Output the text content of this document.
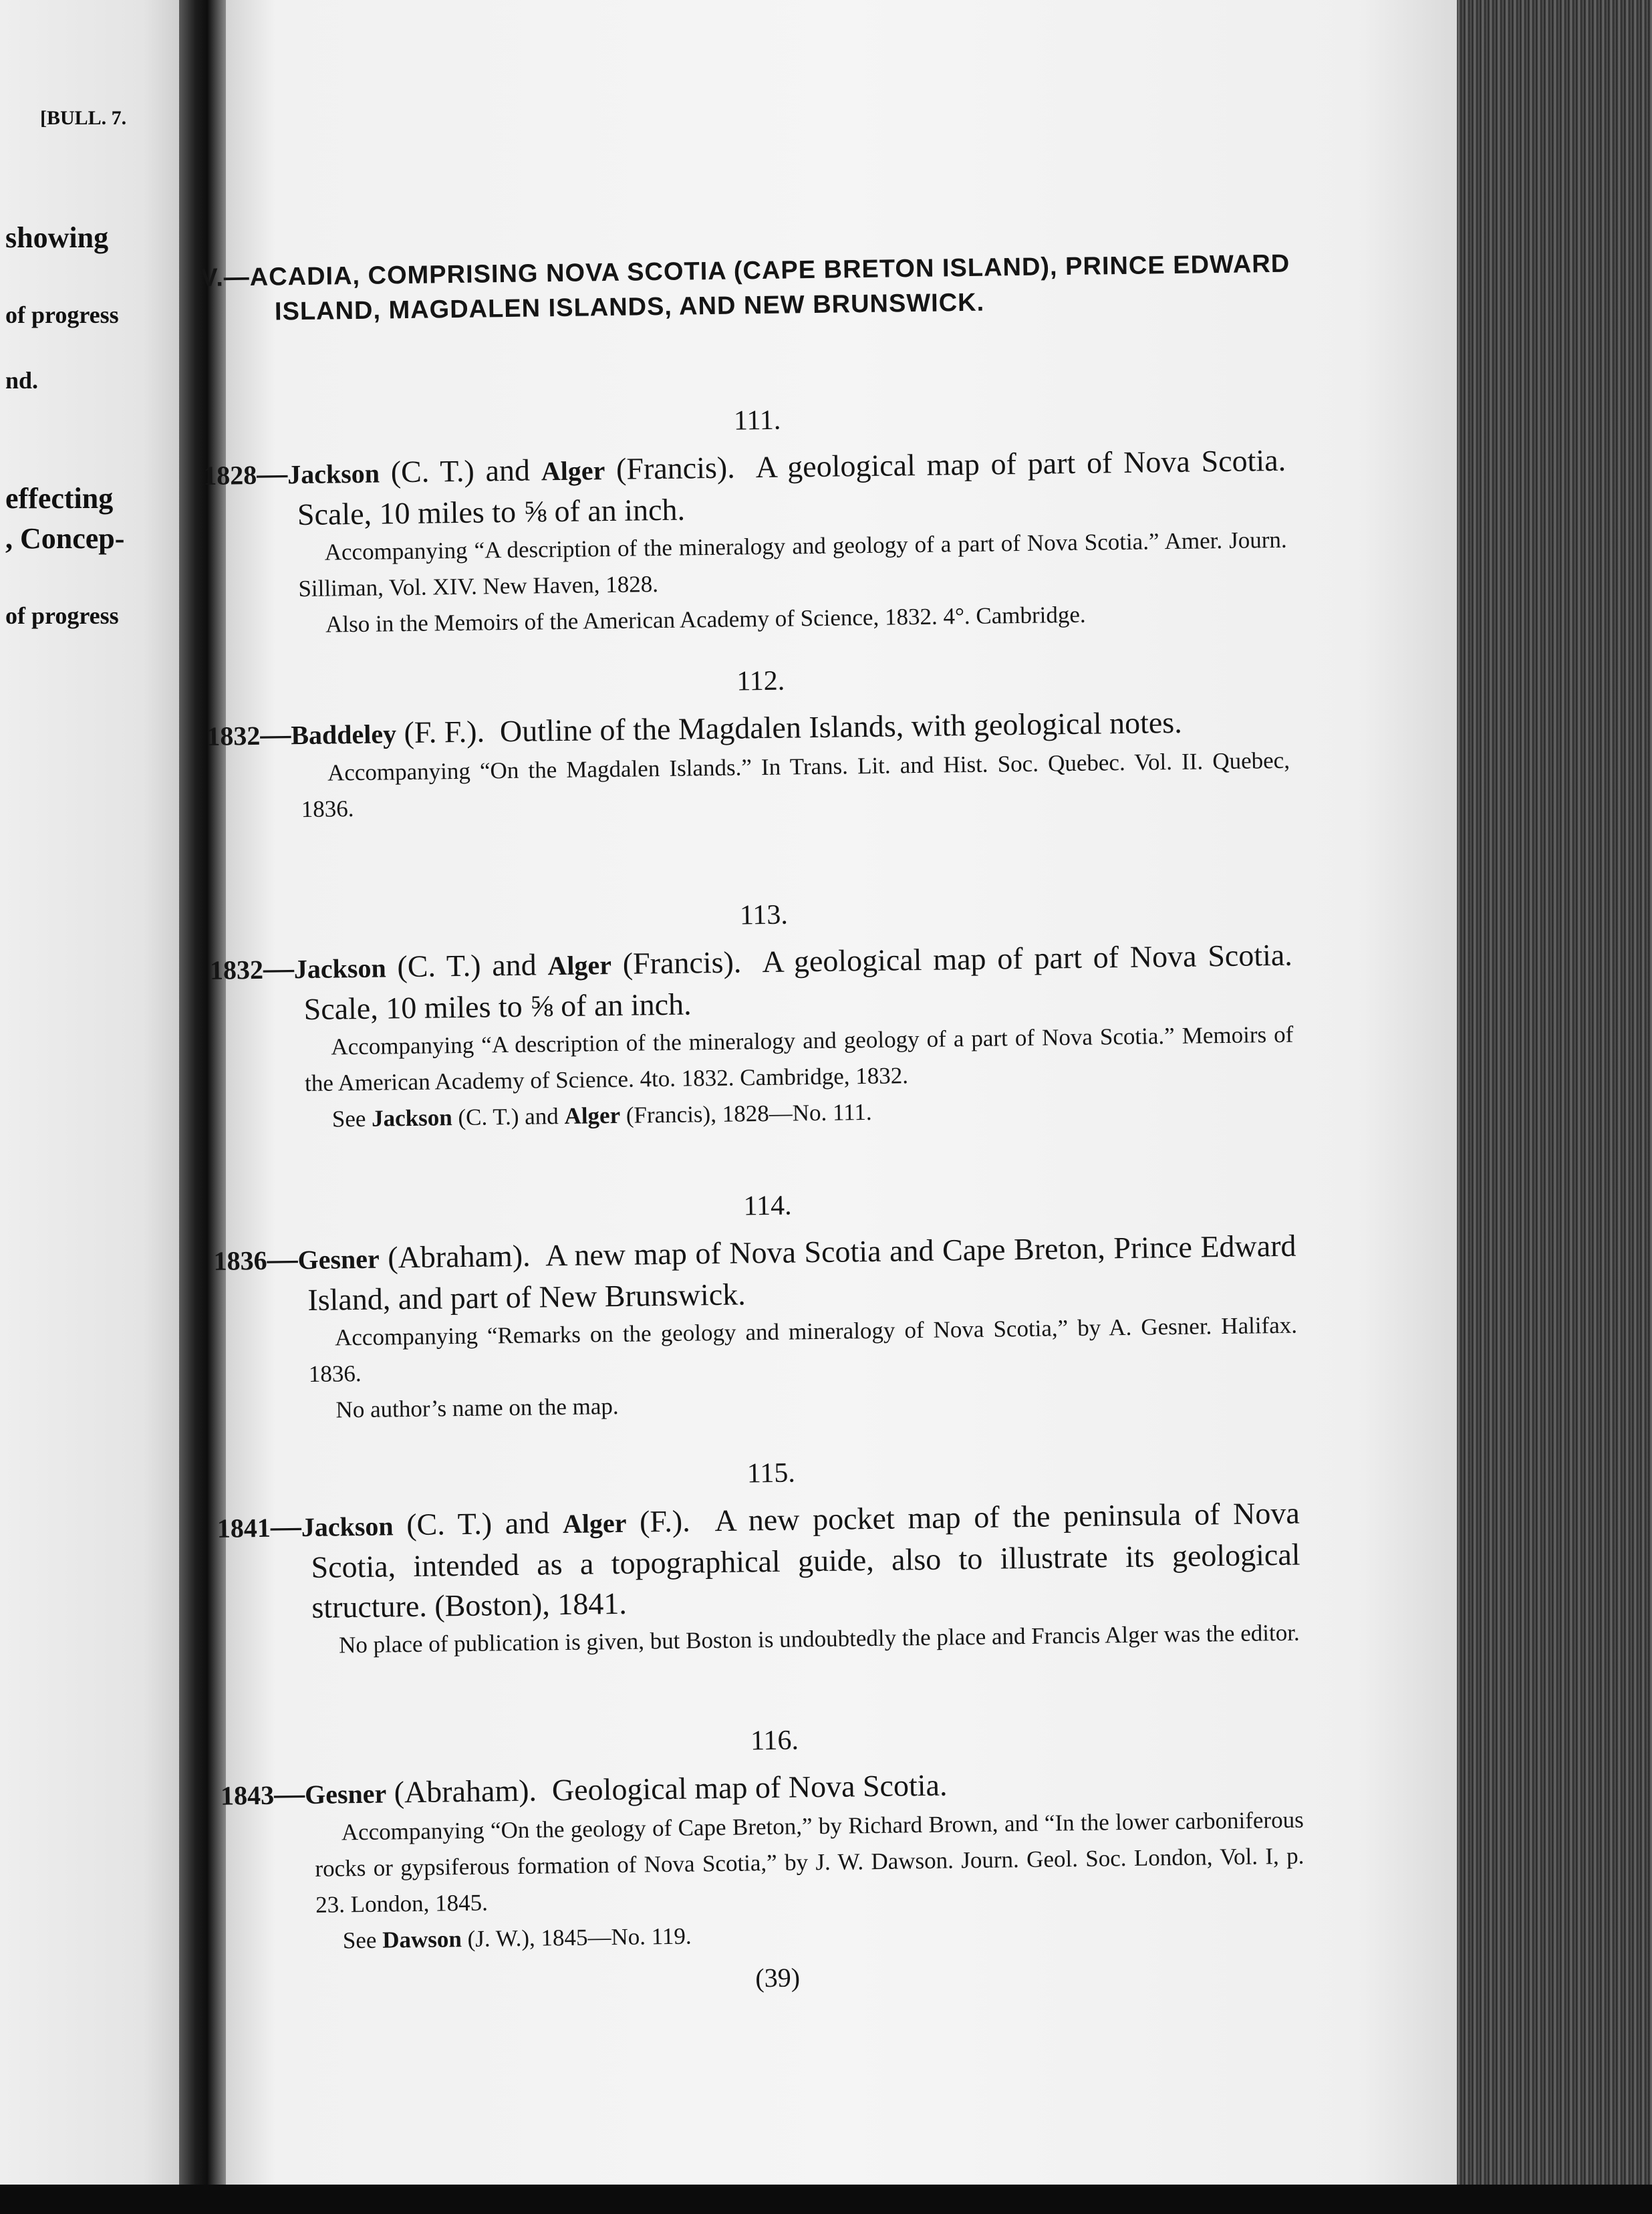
[BULL. 7.
showing
of progress
nd.
effecting
, Concep-
of progress
V.—ACADIA, COMPRISING NOVA SCOTIA (CAPE BRETON ISLAND), PRINCE EDWARD ISLAND, MAGDALEN ISLANDS, AND NEW BRUNSWICK.
111.
1828—Jackson (C. T.) and Alger (Francis). A geological map of part of Nova Scotia. Scale, 10 miles to ⅝ of an inch.
Accompanying “A description of the mineralogy and geology of a part of Nova Scotia.” Amer. Journ. Silliman, Vol. XIV. New Haven, 1828.
Also in the Memoirs of the American Academy of Science, 1832. 4°. Cambridge.
112.
1832—Baddeley (F. F.). Outline of the Magdalen Islands, with geological notes.
Accompanying “On the Magdalen Islands.” In Trans. Lit. and Hist. Soc. Quebec. Vol. II. Quebec, 1836.
113.
1832—Jackson (C. T.) and Alger (Francis). A geological map of part of Nova Scotia. Scale, 10 miles to ⅝ of an inch.
Accompanying “A description of the mineralogy and geology of a part of Nova Scotia.” Memoirs of the American Academy of Science. 4to. 1832. Cambridge, 1832.
See Jackson (C. T.) and Alger (Francis), 1828—No. 111.
114.
1836—Gesner (Abraham). A new map of Nova Scotia and Cape Breton, Prince Edward Island, and part of New Brunswick.
Accompanying “Remarks on the geology and mineralogy of Nova Scotia,” by A. Gesner. Halifax. 1836.
No author’s name on the map.
115.
1841—Jackson (C. T.) and Alger (F.). A new pocket map of the peninsula of Nova Scotia, intended as a topographical guide, also to illustrate its geological structure. (Boston), 1841.
No place of publication is given, but Boston is undoubtedly the place and Francis Alger was the editor.
116.
1843—Gesner (Abraham). Geological map of Nova Scotia.
Accompanying “On the geology of Cape Breton,” by Richard Brown, and “In the lower carboniferous rocks or gypsiferous formation of Nova Scotia,” by J. W. Dawson. Journ. Geol. Soc. London, Vol. I, p. 23. London, 1845.
See Dawson (J. W.), 1845—No. 119.
(39)
